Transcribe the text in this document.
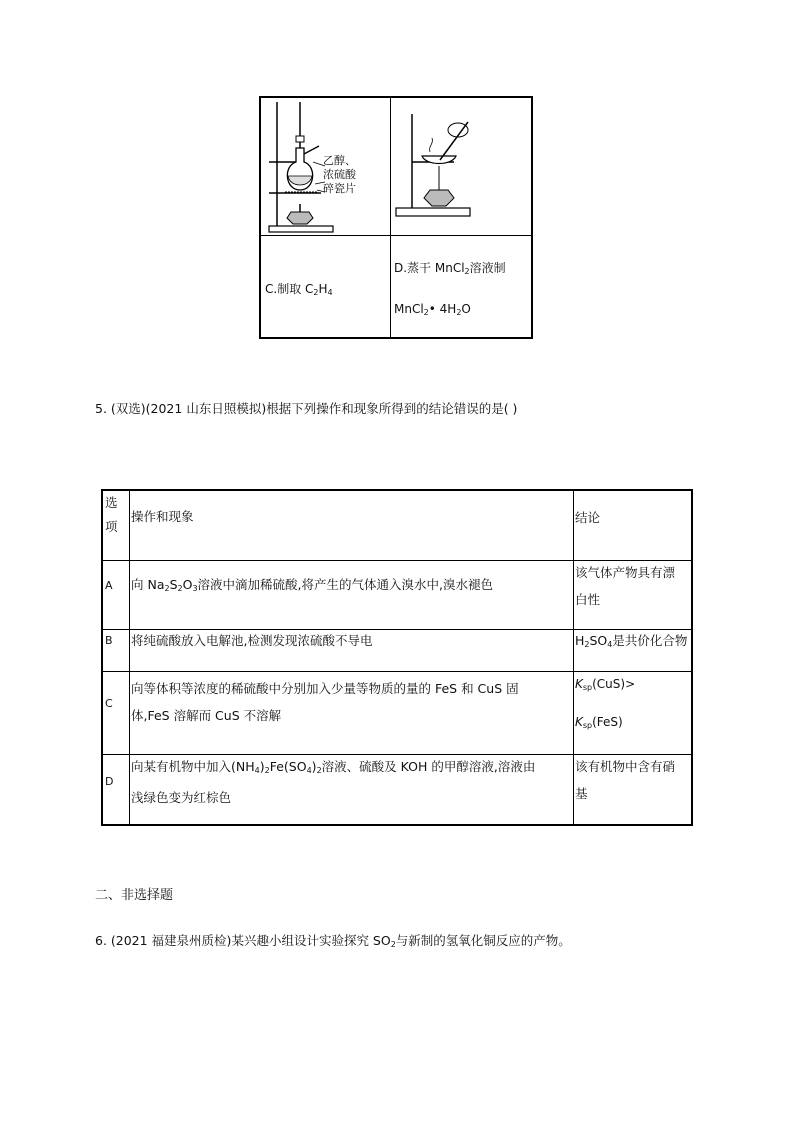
乙醇、
浓硫酸
碎瓷片
C.制取 $C_2H_4$
D.蒸干 MnCl$_2$溶液制
MnCl$_2$• $4H_2O$
5. (双选)(2021 山东日照模拟)根据下列操作和现象所得到的结论错误的是( )
选
项
操作和现象	结论
A 向 $Na_2S_2O_3$溶液中滴加稀硫酸,将产生的气体通入溴水中,溴水褪色
该气体产物具有漂
白性
B 将纯硫酸放入电解池,检测发现浓硫酸不导电	$H_2SO_4$是共价化合物
C
向等体积等浓度的稀硫酸中分别加入少量等物质的量的 FeS 和 CuS 固
体,FeS 溶解而 CuS 不溶解
$K_{sp}(CuS)>$
$K_{sp}(FeS)$
D
向某有机物中加入$(NH_4)_2Fe(SO_4)_2$溶液、硫酸及 KOH 的甲醇溶液,溶液由
浅绿色变为红棕色
该有机物中含有硝
基
二、非选择题
6. (2021 福建泉州质检)某兴趣小组设计实验探究 $SO_2$与新制的氢氧化铜反应的产物。
